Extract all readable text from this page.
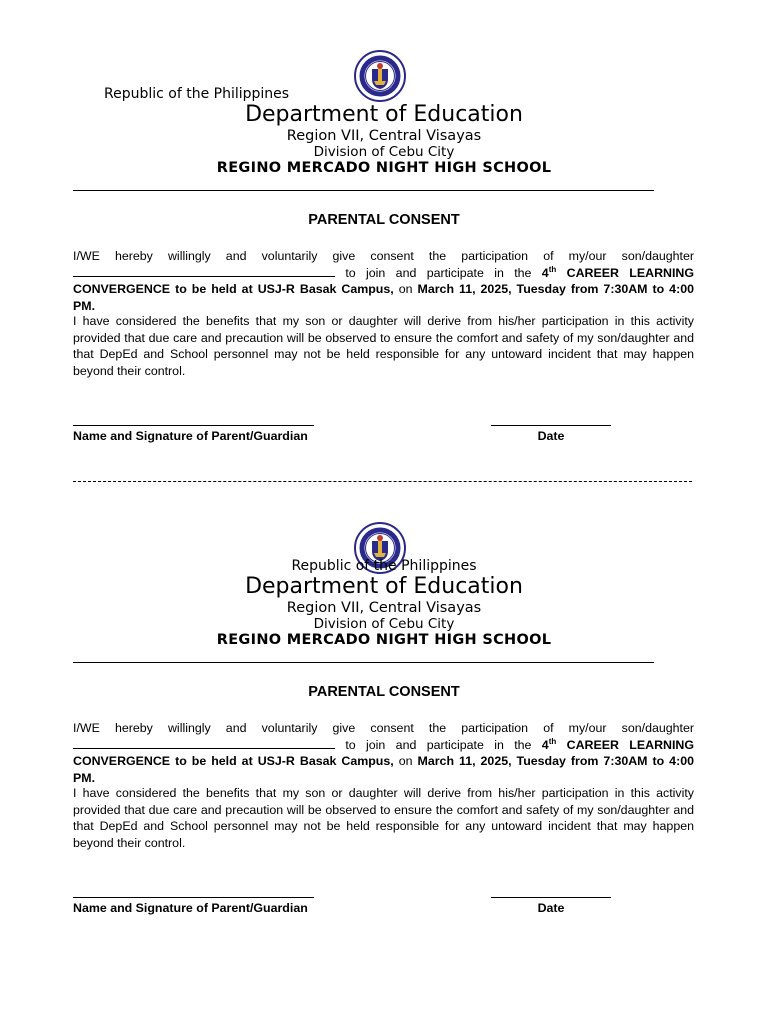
Republic of the Philippines
Department of Education
Region VII, Central Visayas
Division of Cebu City
REGINO MERCADO NIGHT HIGH SCHOOL
PARENTAL CONSENT
I/WE hereby willingly and voluntarily give consent the participation of my/our son/daughter  to join and participate in the 4th CAREER LEARNING CONVERGENCE to be held at USJ-R Basak Campus, on March 11, 2025, Tuesday from 7:30AM to 4:00 PM.
I have considered the benefits that my son or daughter will derive from his/her participation in this activity provided that due care and precaution will be observed to ensure the comfort and safety of my son/daughter and that DepEd and School personnel may not be held responsible for any untoward incident that may happen beyond their control.
Name and Signature of Parent/Guardian	Date
Republic of the Philippines
Department of Education
Region VII, Central Visayas
Division of Cebu City
REGINO MERCADO NIGHT HIGH SCHOOL
PARENTAL CONSENT
I/WE hereby willingly and voluntarily give consent the participation of my/our son/daughter  to join and participate in the 4th CAREER LEARNING CONVERGENCE to be held at USJ-R Basak Campus, on March 11, 2025, Tuesday from 7:30AM to 4:00 PM.
I have considered the benefits that my son or daughter will derive from his/her participation in this activity provided that due care and precaution will be observed to ensure the comfort and safety of my son/daughter and that DepEd and School personnel may not be held responsible for any untoward incident that may happen beyond their control.
Name and Signature of Parent/Guardian	Date
